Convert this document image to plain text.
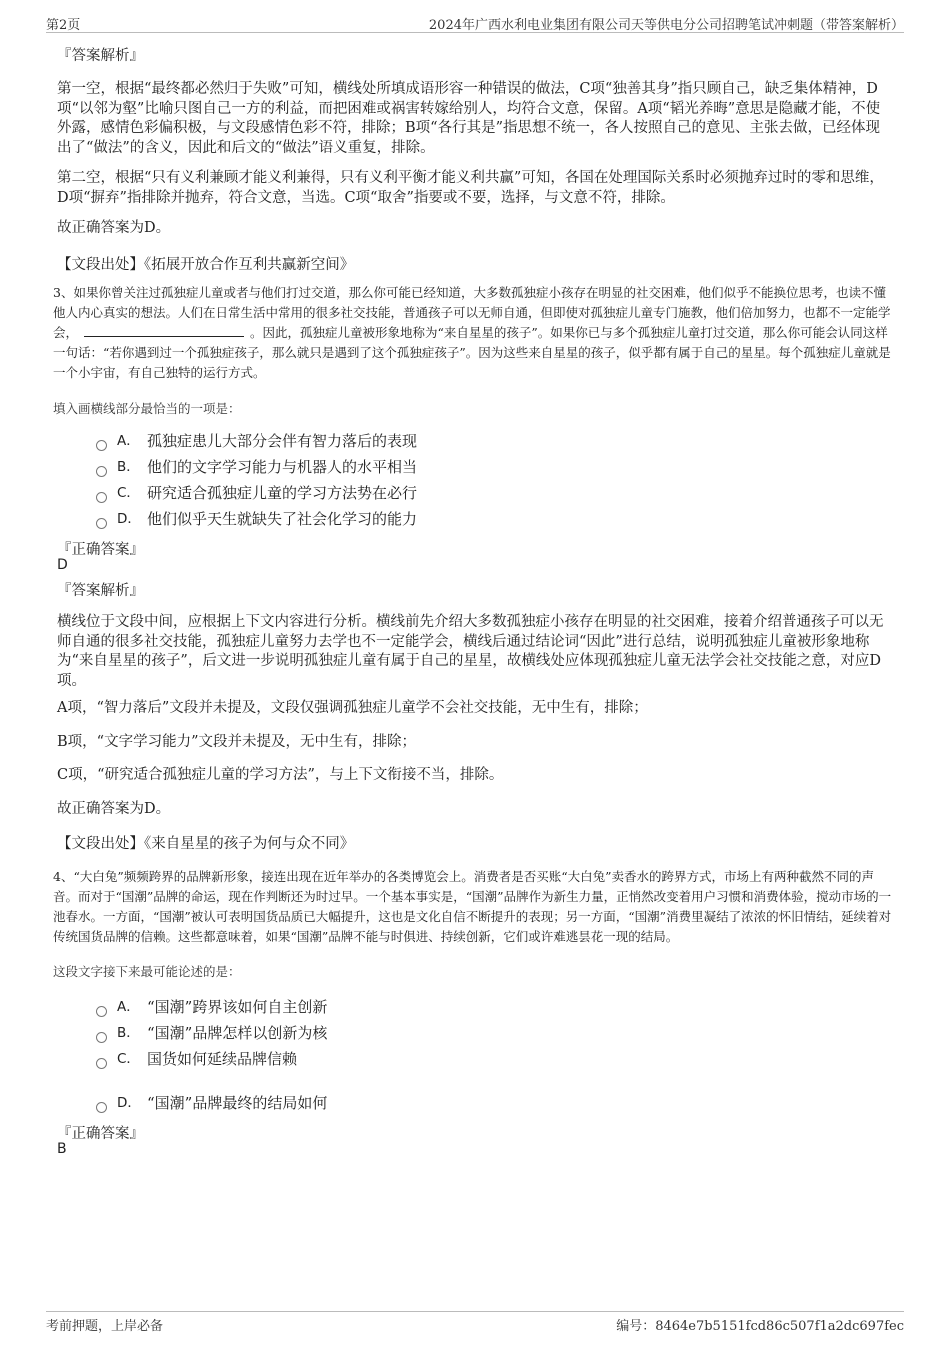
第2页	2024年广西水利电业集团有限公司天等供电分公司招聘笔试冲刺题（带答案解析）
『答案解析』
第一空，根据“最终都必然归于失败”可知，横线处所填成语形容一种错误的做法，C项“独善其身”指只顾自己，缺乏集体精神，D项“以邻为壑”比喻只图自己一方的利益，而把困难或祸害转嫁给别人，均符合文意，保留。A项“韬光养晦”意思是隐藏才能，不使外露，感情色彩偏积极，与文段感情色彩不符，排除；B项“各行其是”指思想不统一，各人按照自己的意见、主张去做，已经体现出了“做法”的含义，因此和后文的“做法”语义重复，排除。
第二空，根据“只有义利兼顾才能义利兼得，只有义利平衡才能义利共赢”可知，各国在处理国际关系时必须抛弃过时的零和思维，D项“摒弃”指排除并抛弃，符合文意，当选。C项“取舍”指要或不要，选择，与文意不符，排除。
故正确答案为D。
【文段出处】《拓展开放合作互利共赢新空间》
3、如果你曾关注过孤独症儿童或者与他们打过交道，那么你可能已经知道，大多数孤独症小孩存在明显的社交困难，他们似乎不能换位思考，也读不懂他人内心真实的想法。人们在日常生活中常用的很多社交技能，普通孩子可以无师自通，但即使对孤独症儿童专门施教，他们倍加努力，也都不一定能学会，	。因此，孤独症儿童被形象地称为“来自星星的孩子”。如果你已与多个孤独症儿童打过交道，那么你可能会认同这样一句话：“若你遇到过一个孤独症孩子，那么就只是遇到了这个孤独症孩子”。因为这些来自星星的孩子，似乎都有属于自己的星星。每个孤独症儿童就是一个小宇宙，有自己独特的运行方式。
填入画横线部分最恰当的一项是：
A． 孤独症患儿大部分会伴有智力落后的表现
B． 他们的文字学习能力与机器人的水平相当
C． 研究适合孤独症儿童的学习方法势在必行
D． 他们似乎天生就缺失了社会化学习的能力
『正确答案』
D
『答案解析』
横线位于文段中间，应根据上下文内容进行分析。横线前先介绍大多数孤独症小孩存在明显的社交困难，接着介绍普通孩子可以无师自通的很多社交技能，孤独症儿童努力去学也不一定能学会，横线后通过结论词“因此”进行总结，说明孤独症儿童被形象地称为“来自星星的孩子”，后文进一步说明孤独症儿童有属于自己的星星，故横线处应体现孤独症儿童无法学会社交技能之意，对应D项。
A项，“智力落后”文段并未提及，文段仅强调孤独症儿童学不会社交技能，无中生有，排除；
B项，“文字学习能力”文段并未提及，无中生有，排除；
C项，“研究适合孤独症儿童的学习方法”，与上下文衔接不当，排除。
故正确答案为D。
【文段出处】《来自星星的孩子为何与众不同》
4、“大白兔”频频跨界的品牌新形象，接连出现在近年举办的各类博览会上。消费者是否买账“大白兔”卖香水的跨界方式，市场上有两种截然不同的声音。而对于“国潮”品牌的命运，现在作判断还为时过早。一个基本事实是，“国潮”品牌作为新生力量，正悄然改变着用户习惯和消费体验，搅动市场的一池春水。一方面，“国潮”被认可表明国货品质已大幅提升，这也是文化自信不断提升的表现；另一方面，“国潮”消费里凝结了浓浓的怀旧情结，延续着对传统国货品牌的信赖。这些都意味着，如果“国潮”品牌不能与时俱进、持续创新，它们或许难逃昙花一现的结局。
这段文字接下来最可能论述的是：
A． “国潮”跨界该如何自主创新
B． “国潮”品牌怎样以创新为核
C． 国货如何延续品牌信赖
D． “国潮”品牌最终的结局如何
『正确答案』
B
考前押题，上岸必备	编号：8464e7b5151fcd86c507f1a2dc697fec
